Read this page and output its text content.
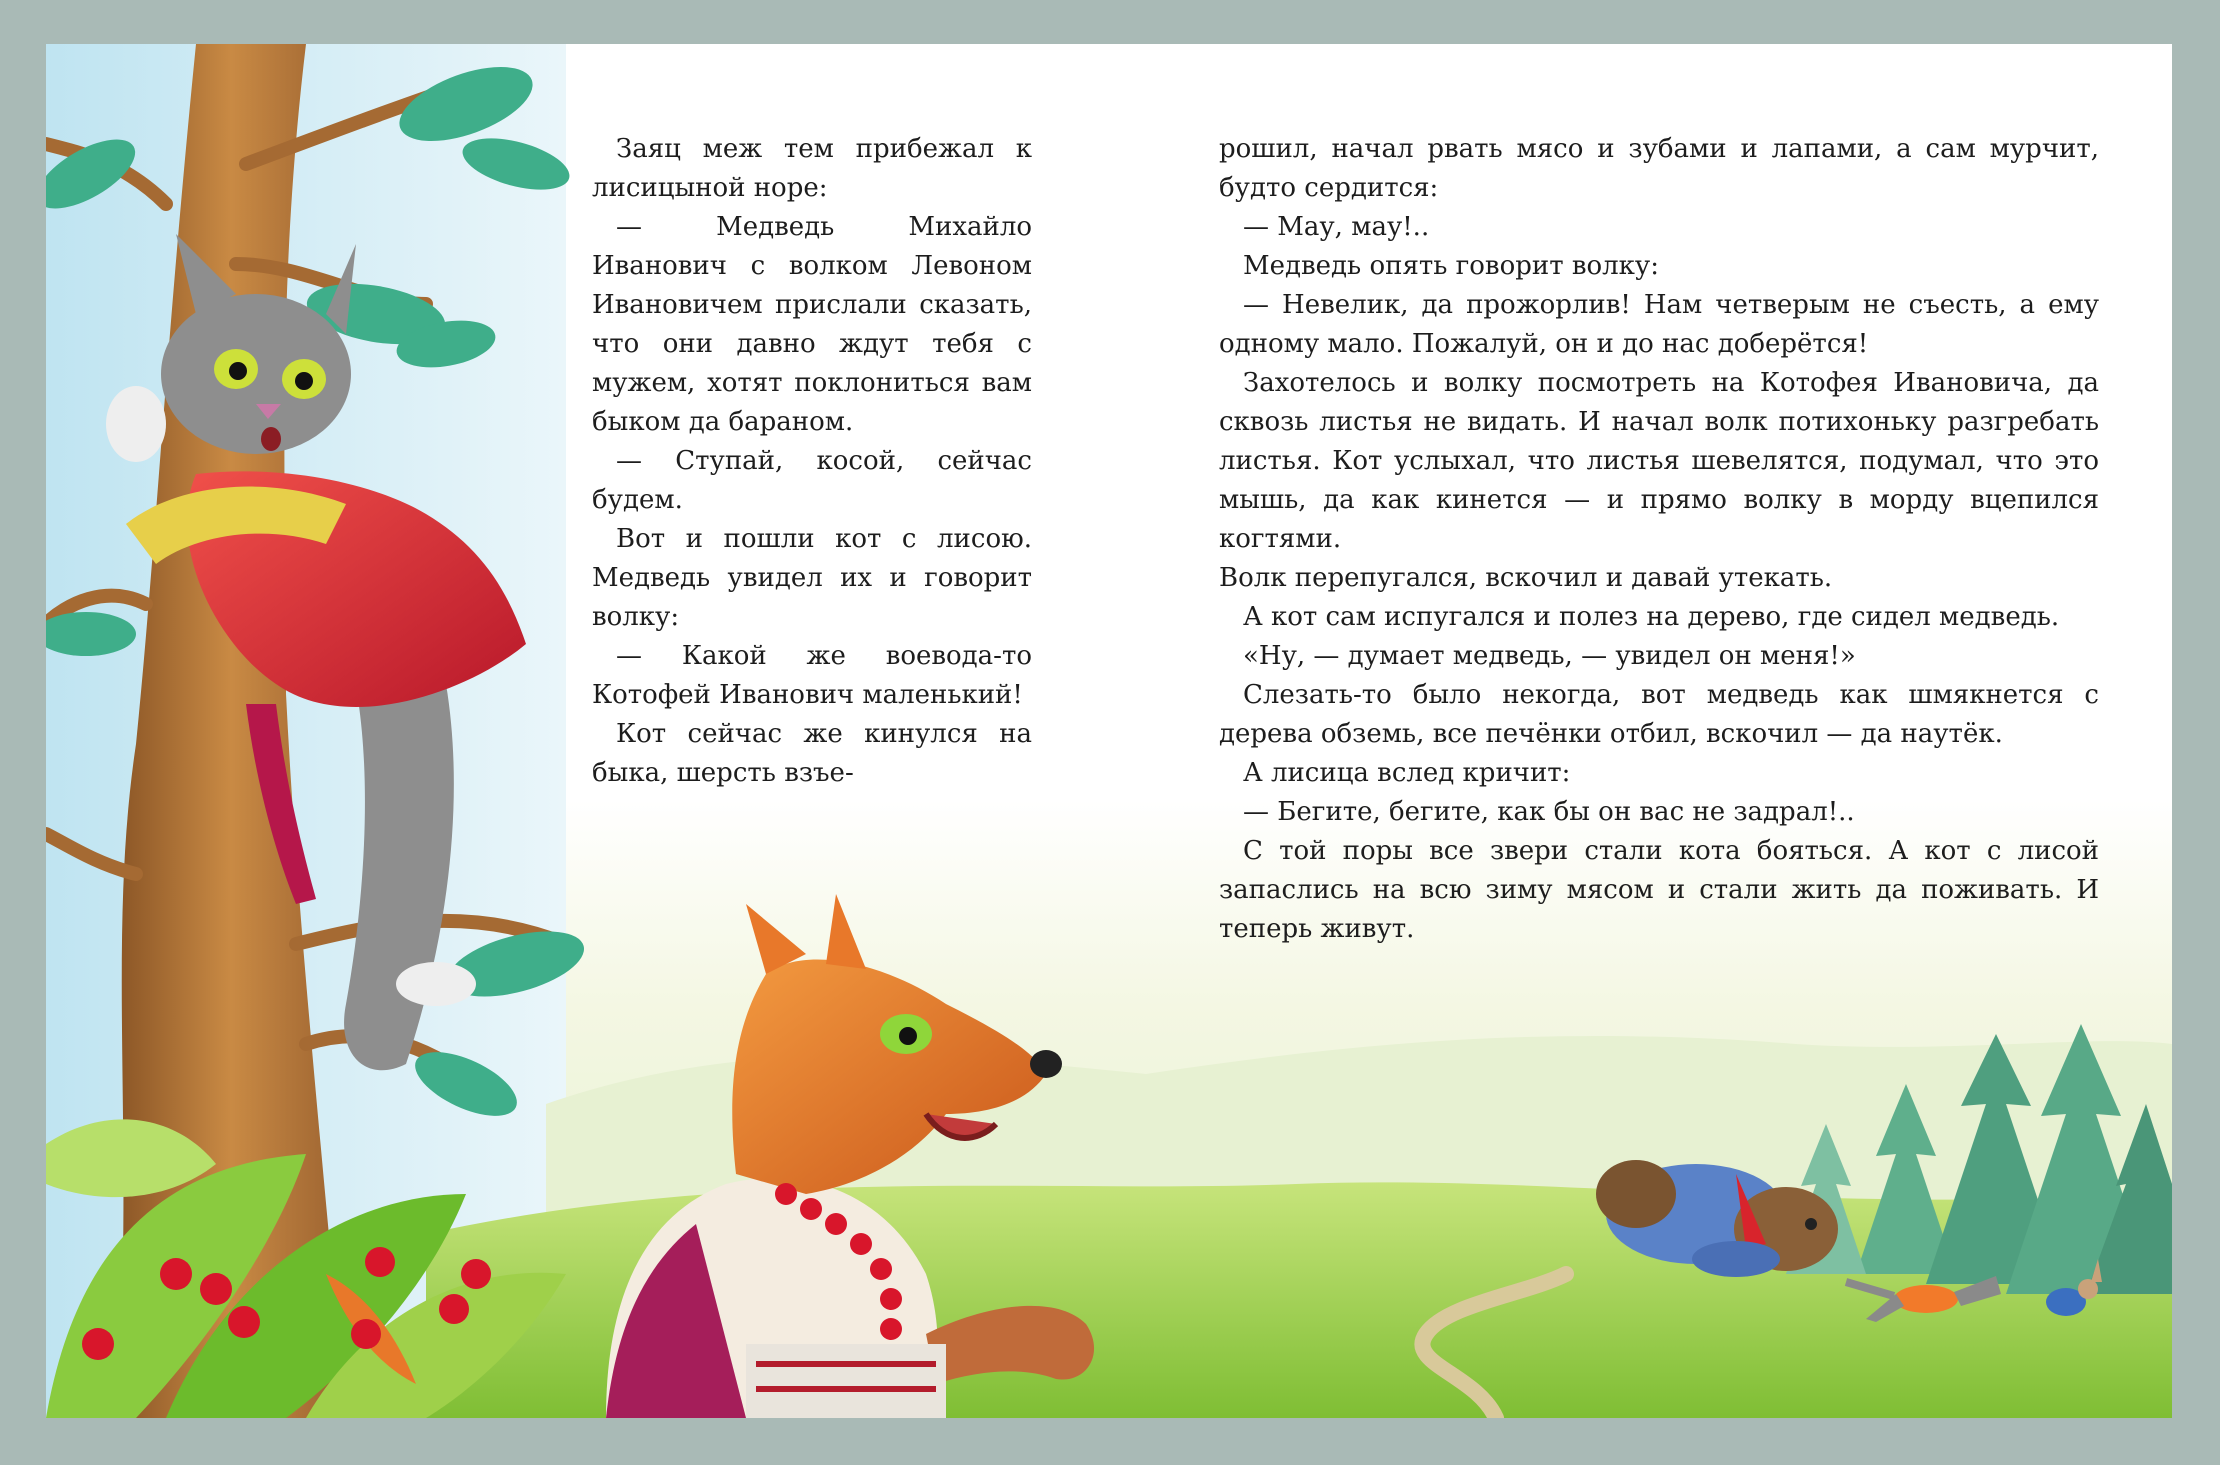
Заяц меж тем прибежал к лисицыной норе:

— Медведь Михайло Иванович с волком Левоном Ивановичем прислали сказать, что они давно ждут тебя с мужем, хотят поклониться вам быком да бараном.

— Ступай, косой, сейчас будем.

Вот и пошли кот с лисою. Медведь увидел их и говорит волку:

— Какой же воевода-то Котофей Иванович маленький!

Кот сейчас же кинулся на быка, шерсть взъе-

рошил, начал рвать мясо и зубами и лапами, а сам мурчит, будто сердится:

— Мау, мау!..

Медведь опять говорит волку:

— Невелик, да прожорлив! Нам четверым не съесть, а ему одному мало. Пожалуй, он и до нас доберётся!

Захотелось и волку посмотреть на Котофея Ивановича, да сквозь листья не видать. И начал волк потихоньку разгребать листья. Кот услыхал, что листья шевелятся, подумал, что это мышь, да как кинется — и прямо волку в морду вцепился когтями.

Волк перепугался, вскочил и давай утекать.

А кот сам испугался и полез на дерево, где сидел медведь.

«Ну, — думает медведь, — увидел он меня!»

Слезать-то было некогда, вот медведь как шмякнется с дерева обземь, все печёнки отбил, вскочил — да наутёк.

А лисица вслед кричит:

— Бегите, бегите, как бы он вас не задрал!..

С той поры все звери стали кота бояться. А кот с лисой запаслись на всю зиму мясом и стали жить да поживать. И теперь живут.
